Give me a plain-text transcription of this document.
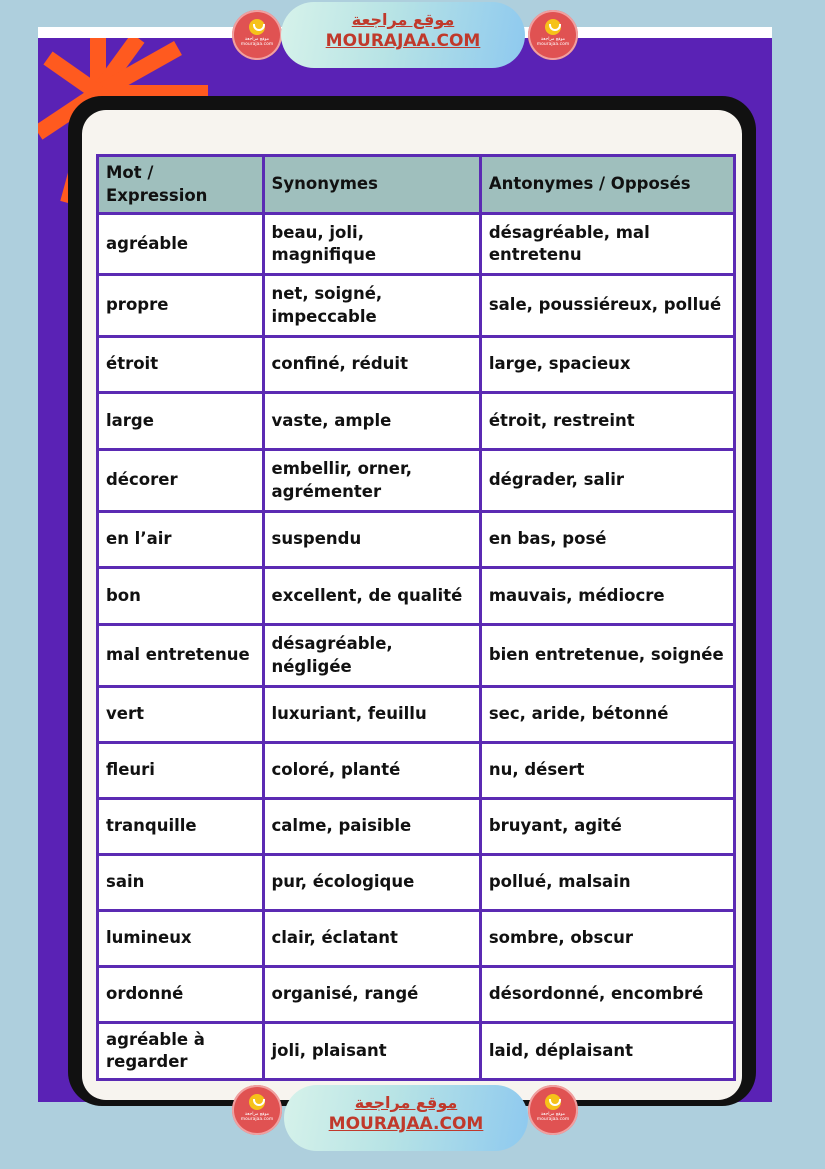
Mot / Expression	Synonymes	Antonymes / Opposés
agréable	beau, joli, magnifique	désagréable, mal entretenu
propre	net, soigné, impeccable	sale, poussiéreux, pollué
étroit	confiné, réduit	large, spacieux
large	vaste, ample	étroit, restreint
décorer	embellir, orner, agrémenter	dégrader, salir
en l’air	suspendu	en bas, posé
bon	excellent, de qualité	mauvais, médiocre
mal entretenue	désagréable, négligée	bien entretenue, soignée
vert	luxuriant, feuillu	sec, aride, bétonné
fleuri	coloré, planté	nu, désert
tranquille	calme, paisible	bruyant, agité
sain	pur, écologique	pollué, malsain
lumineux	clair, éclatant	sombre, obscur
ordonné	organisé, rangé	désordonné, encombré
agréable à regarder	joli, plaisant	laid, déplaisant
موقع مراجعة
mourajaa.com
موقع مراجعة
MOURAJAA.COM	موقع مراجعة
mourajaa.com
موقع مراجعة
mourajaa.com
موقع مراجعة
MOURAJAA.COM	موقع مراجعة
mourajaa.com
